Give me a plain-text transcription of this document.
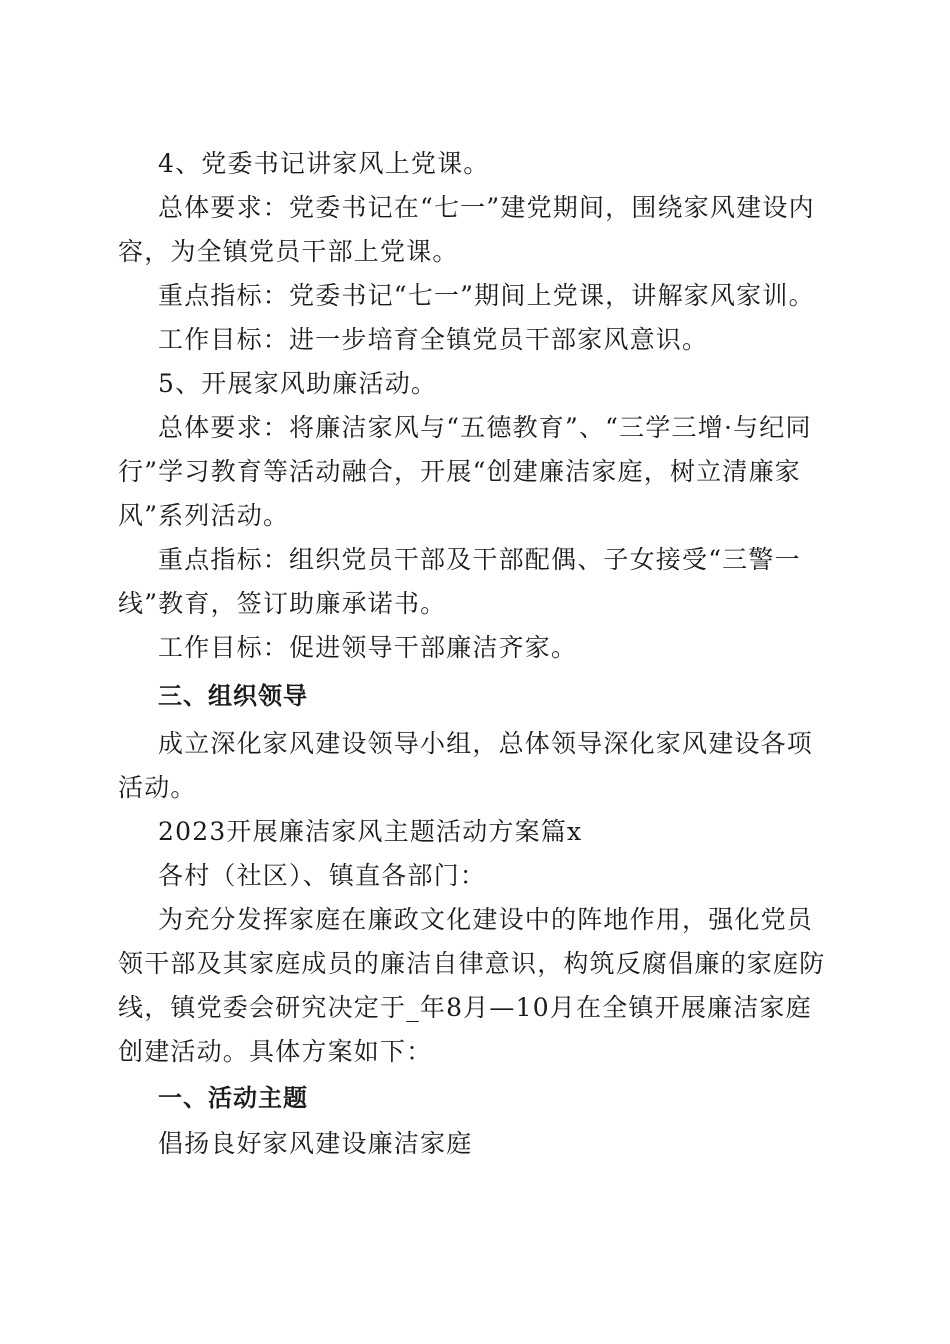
4、党委书记讲家风上党课。

总体要求：党委书记在“七一”建党期间，围绕家风建设内容，为全镇党员干部上党课。

重点指标：党委书记“七一”期间上党课，讲解家风家训。

工作目标：进一步培育全镇党员干部家风意识。

5、开展家风助廉活动。

总体要求：将廉洁家风与“五德教育”、“三学三增·与纪同行”学习教育等活动融合，开展“创建廉洁家庭，树立清廉家风”系列活动。

重点指标：组织党员干部及干部配偶、子女接受“三警一线”教育，签订助廉承诺书。

工作目标：促进领导干部廉洁齐家。

三、组织领导

成立深化家风建设领导小组，总体领导深化家风建设各项活动。

2023开展廉洁家风主题活动方案篇x

各村（社区）、镇直各部门：

为充分发挥家庭在廉政文化建设中的阵地作用，强化党员领干部及其家庭成员的廉洁自律意识，构筑反腐倡廉的家庭防线，镇党委会研究决定于_年8月—10月在全镇开展廉洁家庭创建活动。具体方案如下：

一、活动主题

倡扬良好家风建设廉洁家庭
